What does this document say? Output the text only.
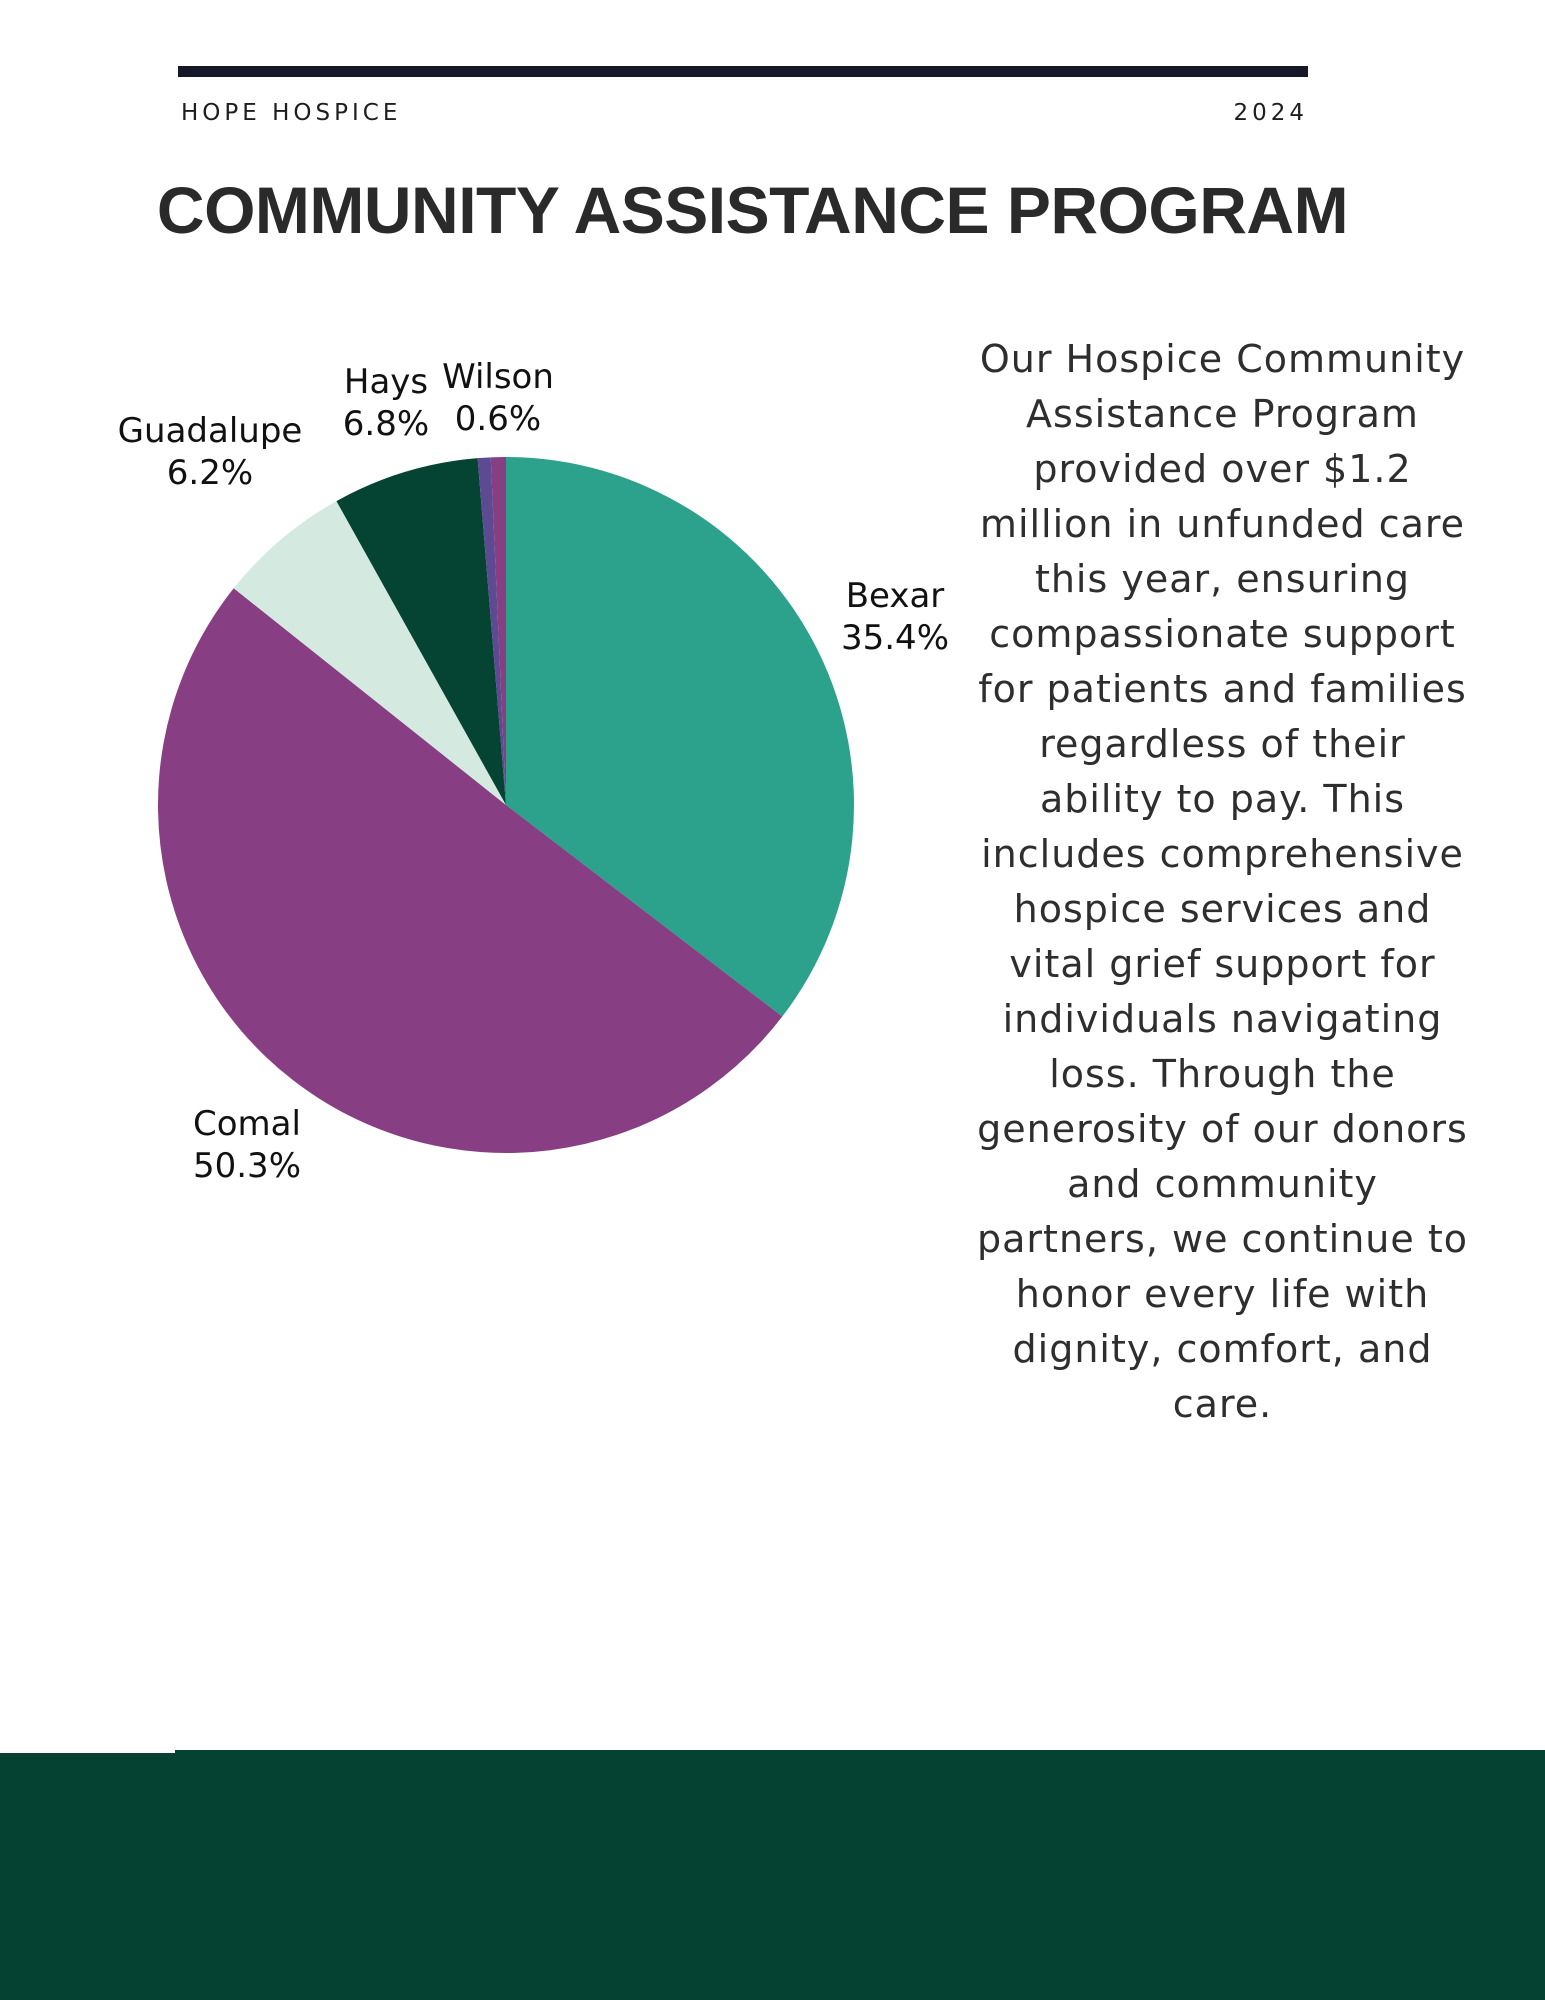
HOPE HOSPICE	2024
COMMUNITY ASSISTANCE PROGRAM
Bexar 35.4%
Comal 50.3%
Guadalupe 6.2%
Hays 6.8%
Wilson 0.6%
Our Hospice Community Assistance Program provided over $1.2 million in unfunded care this year, ensuring compassionate support for patients and families regardless of their ability to pay. This includes comprehensive hospice services and vital grief support for individuals navigating loss. Through the generosity of our donors and community partners, we continue to honor every life with dignity, comfort, and care.
